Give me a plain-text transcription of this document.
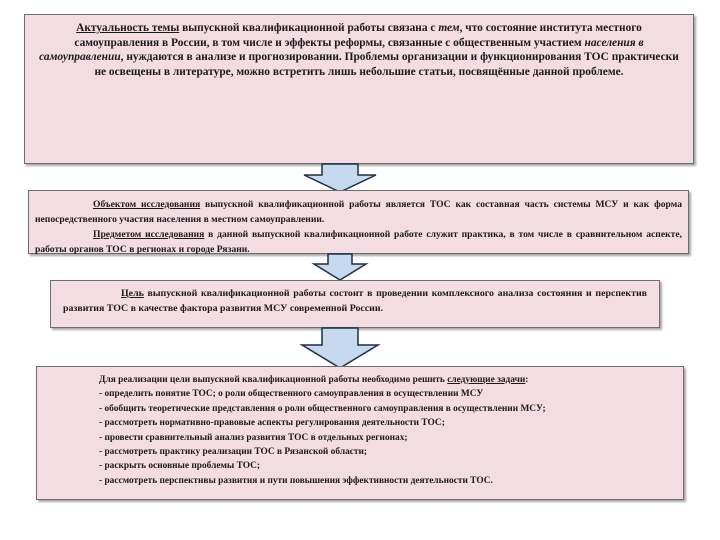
Актуальность темы выпускной квалификационной работы связана с тем, что состояние института местного самоуправления в России, в том числе и эффекты реформы, связанные с общественным участием населения в самоуправлении, нуждаются в анализе и прогнозировании. Проблемы организации и функционирования ТОС практически не освещены в литературе, можно встретить лишь небольшие статьи, посвящённые данной проблеме.

Объектом исследования выпускной квалификационной работы является ТОС как составная часть системы МСУ и как форма непосредственного участия населения в местном самоуправлении.

Предметом исследования в данной выпускной квалификационной работе служит практика, в том числе в сравнительном аспекте, работы органов ТОС в регионах и городе Рязани.

Цель выпускной квалификационной работы состоит в проведении комплексного анализа состояния и перспектив развития ТОС в качестве фактора развития МСУ современной России.

Для реализации цели выпускной квалификационной работы необходимо решить следующие задачи:
- определить понятие ТОС; о роли общественного самоуправления в осуществлении МСУ
- обобщить теоретические представления о роли общественного самоуправления в осуществлении МСУ;
- рассмотреть нормативно-правовые аспекты регулирования деятельности ТОС;
- провести сравнительный анализ развития ТОС в отдельных регионах;
- рассмотреть практику реализации ТОС в Рязанской области;
- раскрыть основные проблемы ТОС;
- рассмотреть перспективы развития и пути повышения эффективности деятельности ТОС.
